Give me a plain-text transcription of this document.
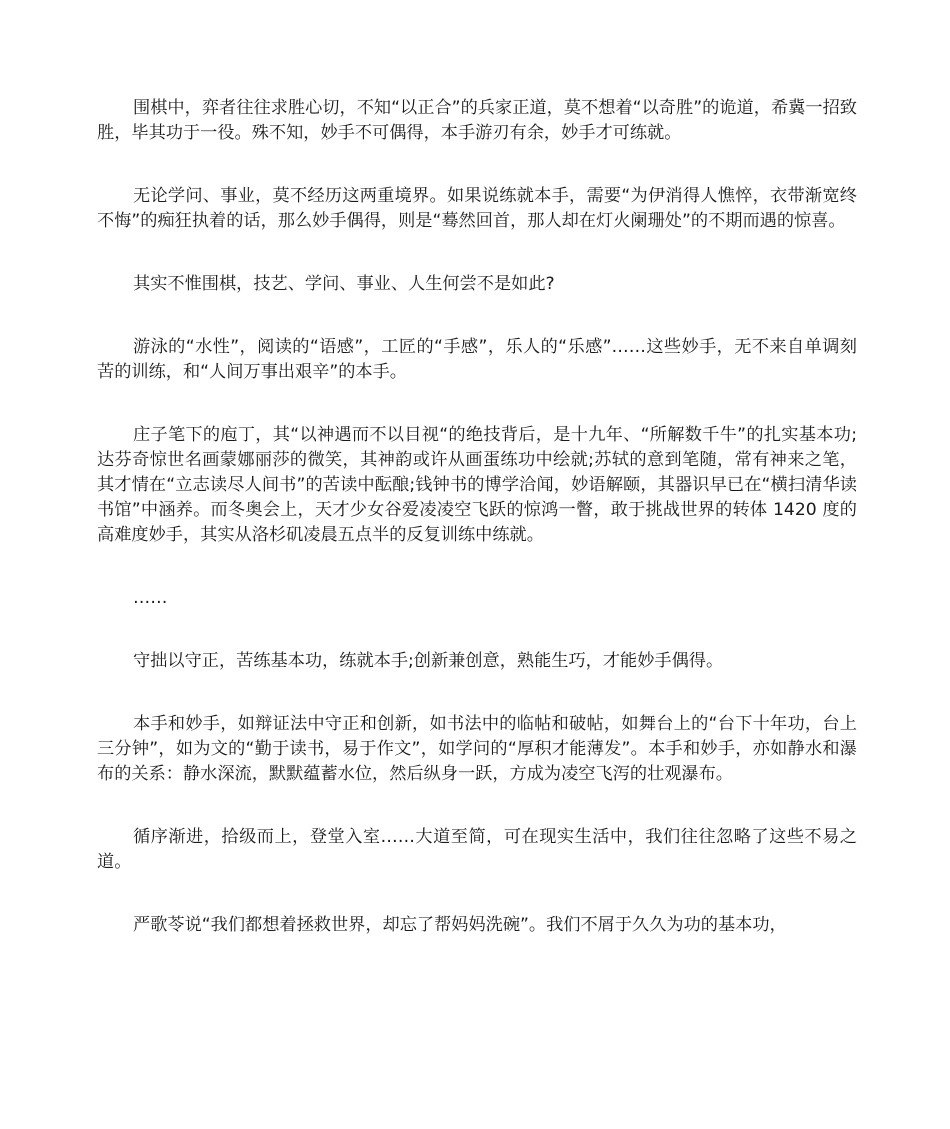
围棋中，弈者往往求胜心切，不知“以正合”的兵家正道，莫不想着“以奇胜”的诡道，希冀一招致胜，毕其功于一役。殊不知，妙手不可偶得，本手游刃有余，妙手才可练就。

无论学问、事业，莫不经历这两重境界。如果说练就本手，需要“为伊消得人憔悴，衣带渐宽终不悔”的痴狂执着的话，那么妙手偶得，则是“蓦然回首，那人却在灯火阑珊处”的不期而遇的惊喜。

其实不惟围棋，技艺、学问、事业、人生何尝不是如此?

游泳的“水性”，阅读的“语感”，工匠的“手感”，乐人的“乐感”……这些妙手，无不来自单调刻苦的训练，和“人间万事出艰辛”的本手。

庄子笔下的庖丁，其“以神遇而不以目视“的绝技背后，是十九年、“所解数千牛”的扎实基本功;达芬奇惊世名画蒙娜丽莎的微笑，其神韵或许从画蛋练功中绘就;苏轼的意到笔随，常有神来之笔，其才情在“立志读尽人间书”的苦读中酝酿;钱钟书的博学洽闻，妙语解颐，其器识早已在“横扫清华读书馆”中涵养。而冬奥会上，天才少女谷爱凌凌空飞跃的惊鸿一瞥，敢于挑战世界的转体 1420 度的高难度妙手，其实从洛杉矶凌晨五点半的反复训练中练就。

……

守拙以守正，苦练基本功，练就本手;创新兼创意，熟能生巧，才能妙手偶得。

本手和妙手，如辩证法中守正和创新，如书法中的临帖和破帖，如舞台上的“台下十年功，台上三分钟”，如为文的“勤于读书，易于作文”，如学问的“厚积才能薄发”。本手和妙手，亦如静水和瀑布的关系：静水深流，默默蕴蓄水位，然后纵身一跃，方成为凌空飞泻的壮观瀑布。

循序渐进，拾级而上，登堂入室……大道至简，可在现实生活中，我们往往忽略了这些不易之道。

严歌苓说“我们都想着拯救世界，却忘了帮妈妈洗碗”。我们不屑于久久为功的基本功，
